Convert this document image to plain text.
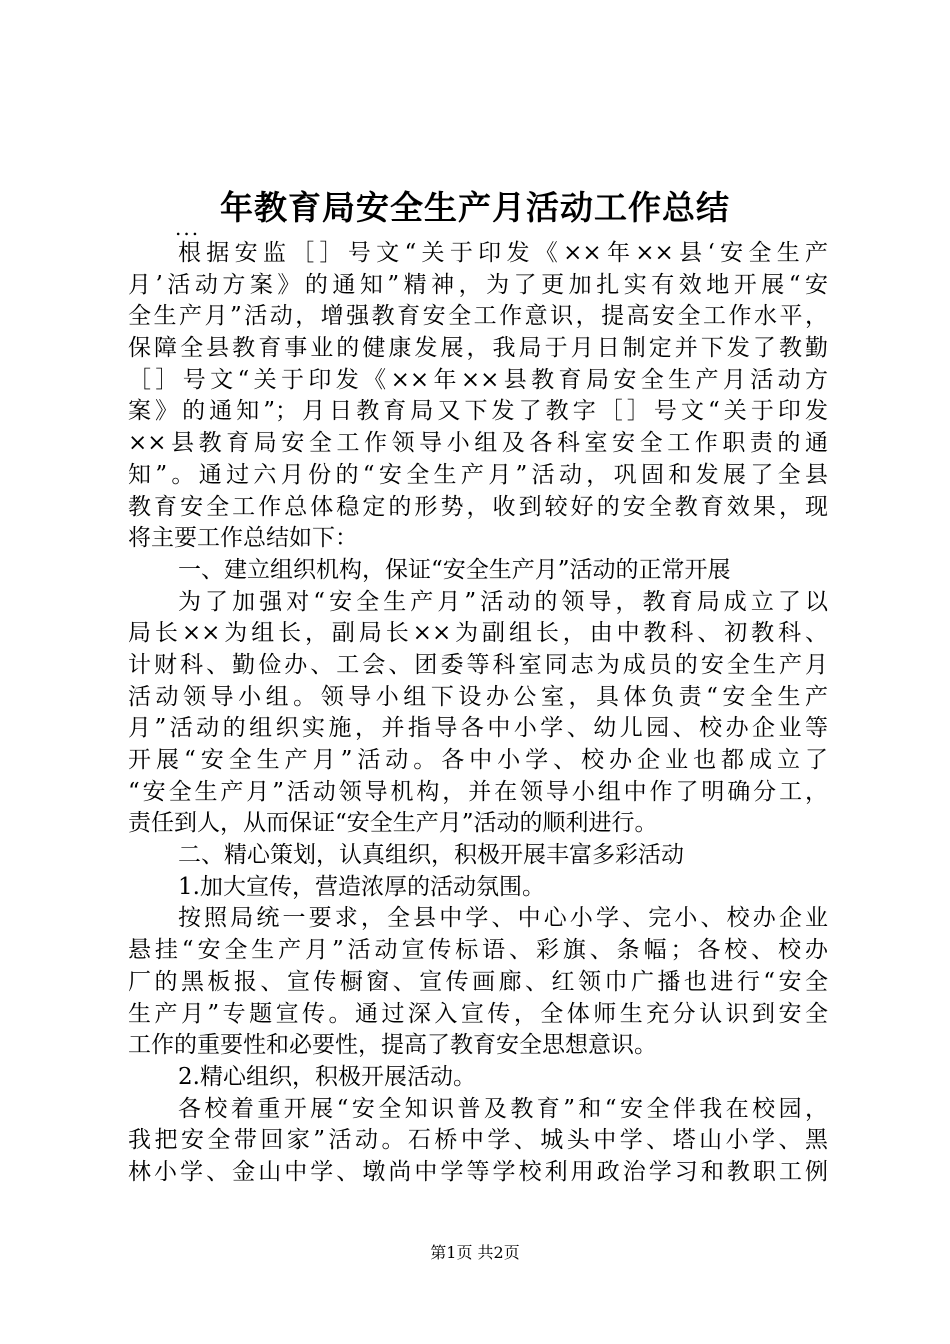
年教育局安全生产月活动工作总结
...
根据安监［］号文“关于印发《××年××县‘安全生产
月’活动方案》的通知”精神，为了更加扎实有效地开展“安
全生产月”活动，增强教育安全工作意识，提高安全工作水平，
保障全县教育事业的健康发展，我局于月日制定并下发了教勤
［］号文“关于印发《××年××县教育局安全生产月活动方
案》的通知”；月日教育局又下发了教字［］号文“关于印发
××县教育局安全工作领导小组及各科室安全工作职责的通
知”。通过六月份的“安全生产月”活动，巩固和发展了全县
教育安全工作总体稳定的形势，收到较好的安全教育效果，现
将主要工作总结如下：
一、建立组织机构，保证“安全生产月”活动的正常开展
为了加强对“安全生产月”活动的领导，教育局成立了以
局长××为组长，副局长××为副组长，由中教科、初教科、
计财科、勤俭办、工会、团委等科室同志为成员的安全生产月
活动领导小组。领导小组下设办公室，具体负责“安全生产
月”活动的组织实施，并指导各中小学、幼儿园、校办企业等
开展“安全生产月”活动。各中小学、校办企业也都成立了
“安全生产月”活动领导机构，并在领导小组中作了明确分工，
责任到人，从而保证“安全生产月”活动的顺利进行。
二、精心策划，认真组织，积极开展丰富多彩活动
1.加大宣传，营造浓厚的活动氛围。
按照局统一要求，全县中学、中心小学、完小、校办企业
悬挂“安全生产月”活动宣传标语、彩旗、条幅；各校、校办
厂的黑板报、宣传橱窗、宣传画廊、红领巾广播也进行“安全
生产月”专题宣传。通过深入宣传，全体师生充分认识到安全
工作的重要性和必要性，提高了教育安全思想意识。
2.精心组织，积极开展活动。
各校着重开展“安全知识普及教育”和“安全伴我在校园，
我把安全带回家”活动。石桥中学、城头中学、塔山小学、黑
林小学、金山中学、墩尚中学等学校利用政治学习和教职工例
第1页 共2页
